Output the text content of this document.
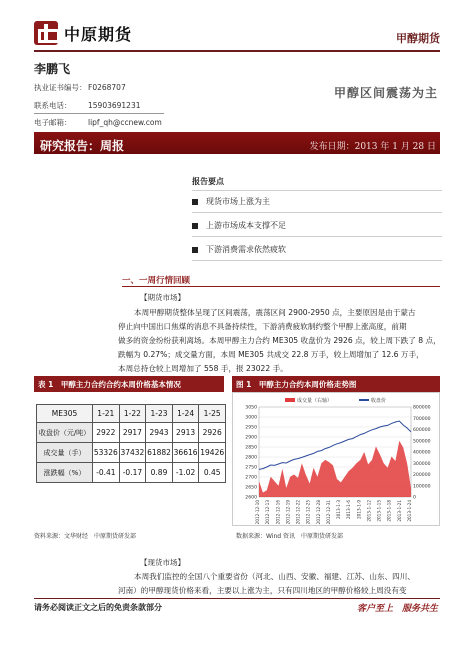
中原期货	甲醇期货
李鹏飞
执业证书编号： F0268707
联系电话： 15903691231
电子邮箱： lipf_qh@ccnew.com
甲醇区间震荡为主
研究报告：周报	发布日期：2013 年 1 月 28 日
报告要点
现货市场上涨为主
上游市场成本支撑不足
下游消费需求依然疲软
一、一周行情回顾
【期货市场】
本周甲醇期货整体呈现了区间震荡，震荡区间 2900-2950 点，主要原因是由于蒙古
停止向中国出口焦煤的消息不具备持续性，下游消费疲软制约整个甲醇上涨高度，前期
做多的资金纷纷获利离场。本周甲醇主力合约 ME305 收盘价为 2926 点，较上周下跌了 8 点，
跌幅为 0.27%；成交量方面，本周 ME305 共成交 22.8 万手，较上周增加了 12.6 万手，
本周总持仓较上周增加了 558 手，报 23022 手。
表 1　甲醇主力合约合约本周价格基本情况
ME305	1-21	1-22	1-23	1-24	1-25
收盘价（元/吨）	2922	2917	2943	2913	2926
成交量（手）	53326	37432	61882	36616	19426
涨跌幅（%）	-0.41	-0.17	0.89	-1.02	0.45
图 1　甲醇主力合约本周价格走势图
2600
2650
2700
2750
2800
2850
2900
2950
3000
3050
0
100000
200000
300000
400000
500000
600000
700000
800000
2012-12-10 2012-12-13 2012-12-16 2012-12-19 2012-12-22 2012-12-25 2012-12-28 2012-12-31 2013-1-3 2013-1-6 2013-1-9 2013-1-12 2013-1-15 2013-1-18 2013-1-21 2013-1-24
成交量（右轴）	收盘价
资料来源：文华财经　中原期货研发部	数据来源：Wind 资讯　中原期货研发部
【现货市场】
本周我们监控的全国八个重要省份（河北、山西、安徽、福建、江苏、山东、四川、
河南）的甲醇现货价格来看，主要以上涨为主，只有四川地区的甲醇价格较上周没有变
请务必阅读正文之后的免责条款部分	客户至上　服务共生
